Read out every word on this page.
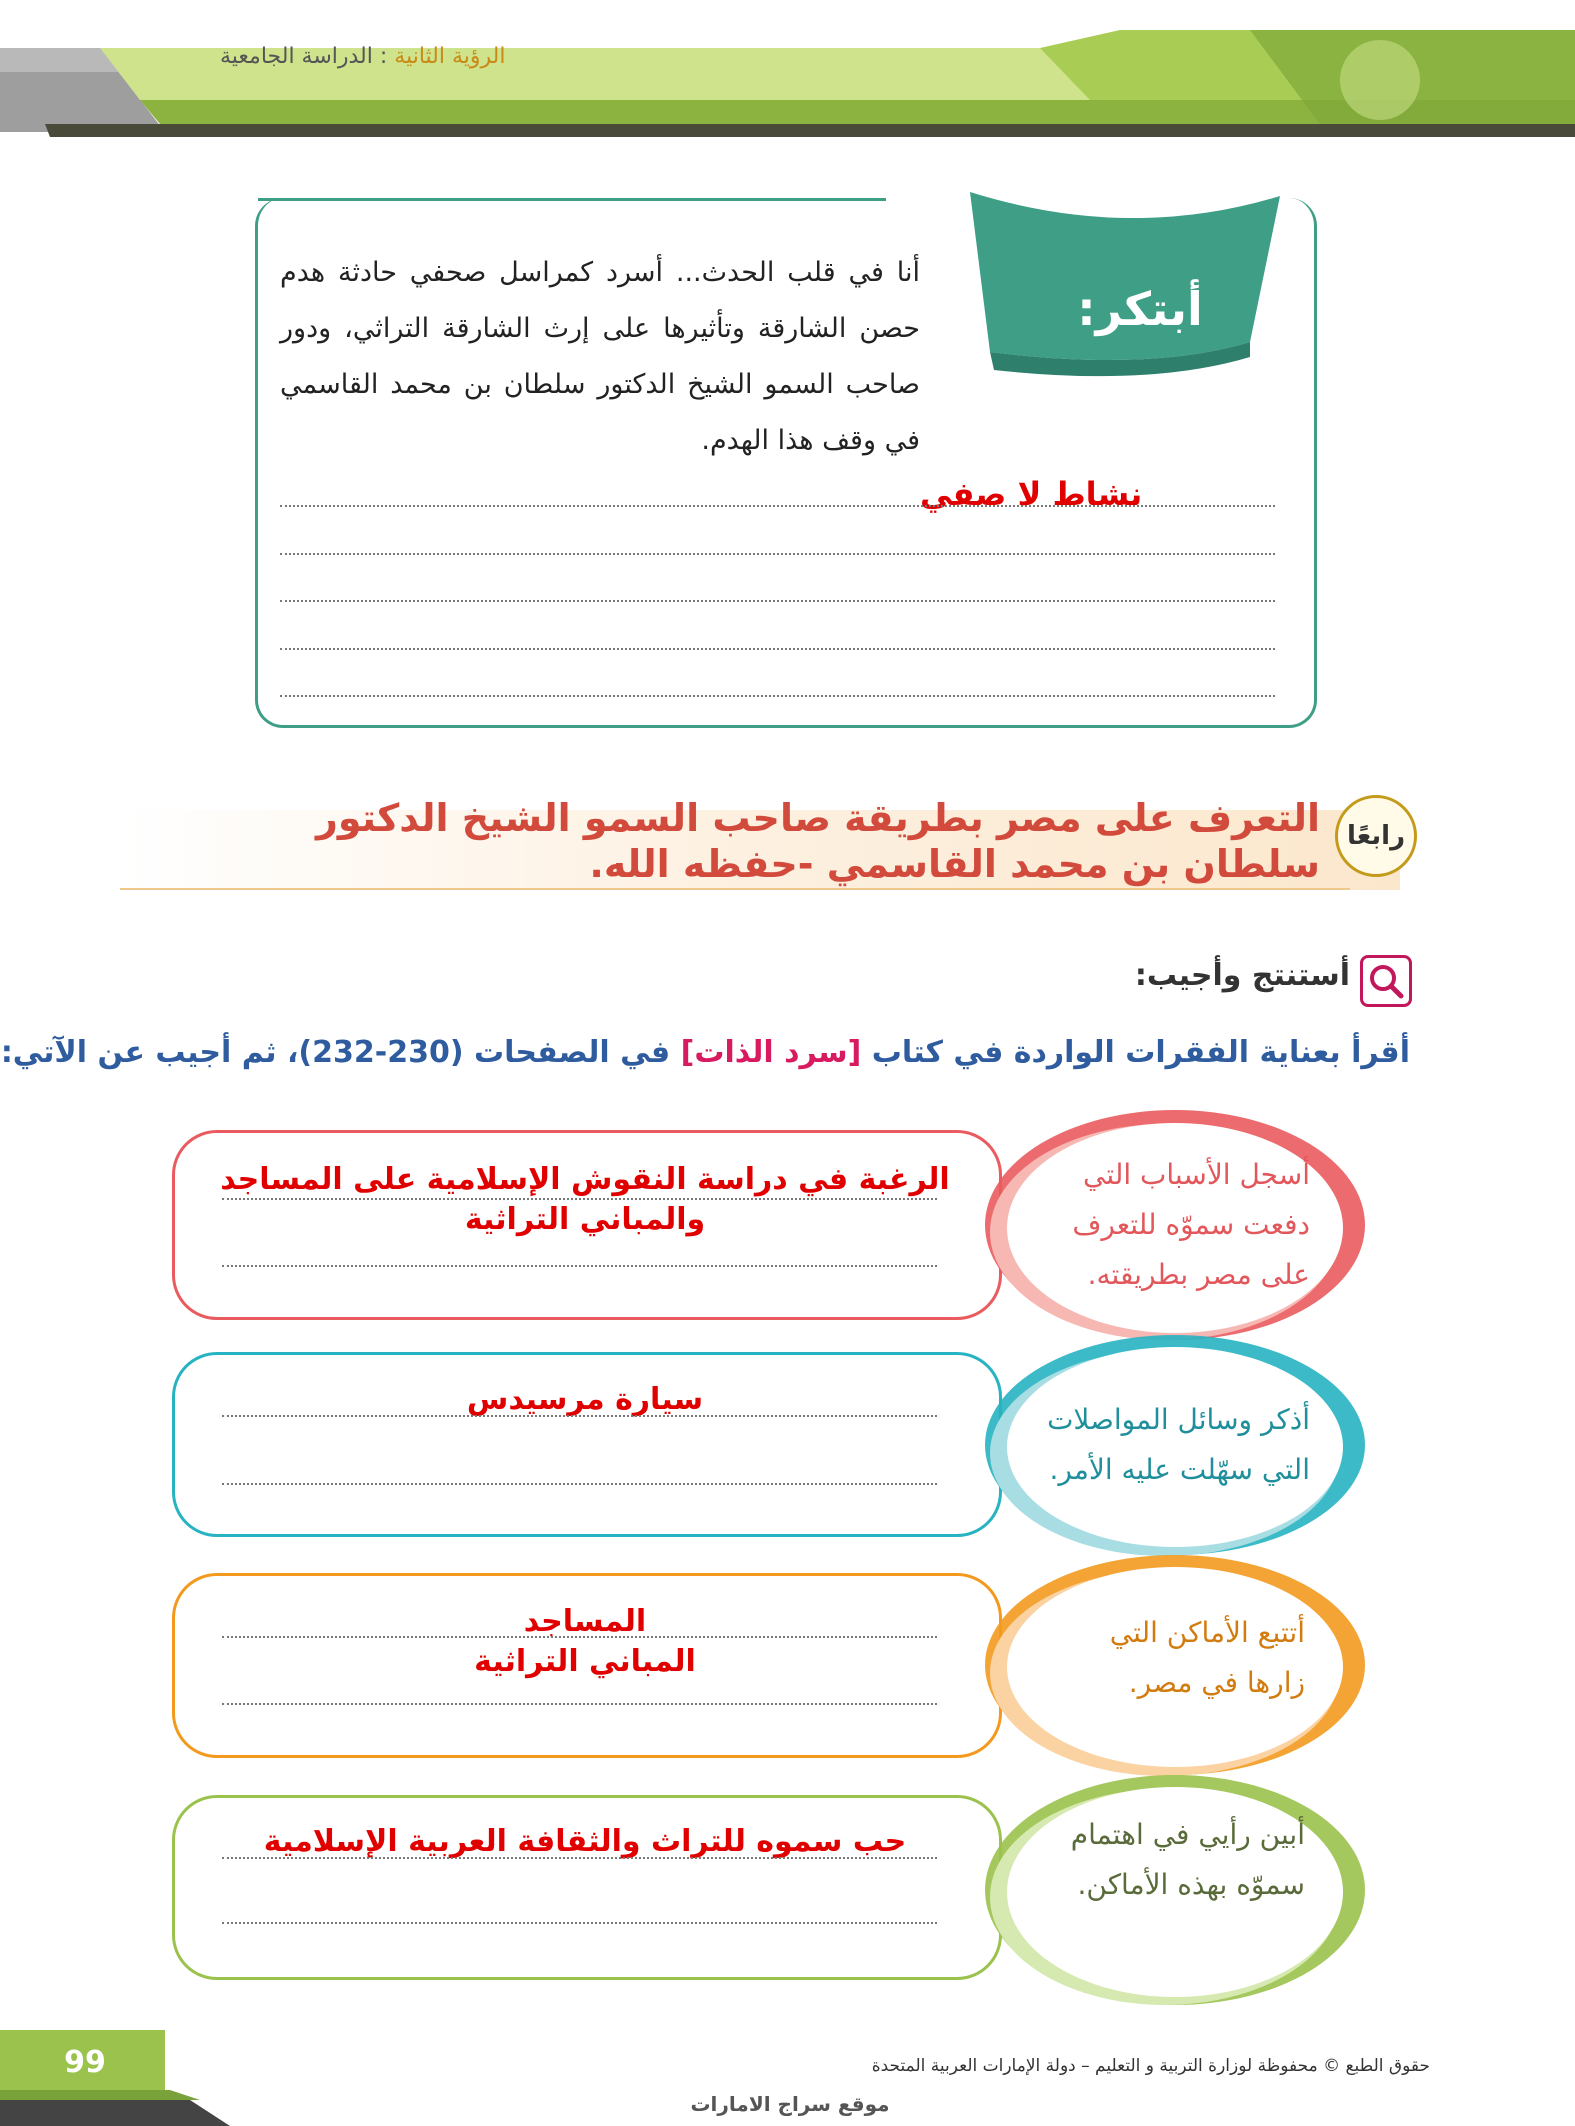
الرؤية الثانية : الدراسة الجامعية
أبتكر:
أنا في قلب الحدث... أسرد كمراسل صحفي حادثة هدم حصن الشارقة وتأثيرها على إرث الشارقة التراثي، ودور صاحب السمو الشيخ الدكتور سلطان بن محمد القاسمي في وقف هذا الهدم.
نشاط لا صفي
رابعًا
التعرف على مصر بطريقة صاحب السمو الشيخ الدكتور سلطان بن محمد القاسمي -حفظه الله.
أستنتج وأجيب:
أقرأ بعناية الفقرات الواردة في كتاب [سرد الذات] في الصفحات (230-232)، ثم أجيب عن الآتي:
أسجل الأسباب التي دفعت سموّه للتعرف على مصر بطريقته.
الرغبة في دراسة النقوش الإسلامية على المساجد والمباني التراثية
أذكر وسائل المواصلات التي سهّلت عليه الأمر.
سيارة مرسيدس
أتتبع الأماكن التي زارها في مصر.
المساجد
المباني التراثية
أبين رأيي في اهتمام سموّه بهذه الأماكن.
حب سموه للتراث والثقافة العربية الإسلامية
99	حقوق الطبع © محفوظة لوزارة التربية و التعليم – دولة الإمارات العربية المتحدة
موقع سراج الامارات
